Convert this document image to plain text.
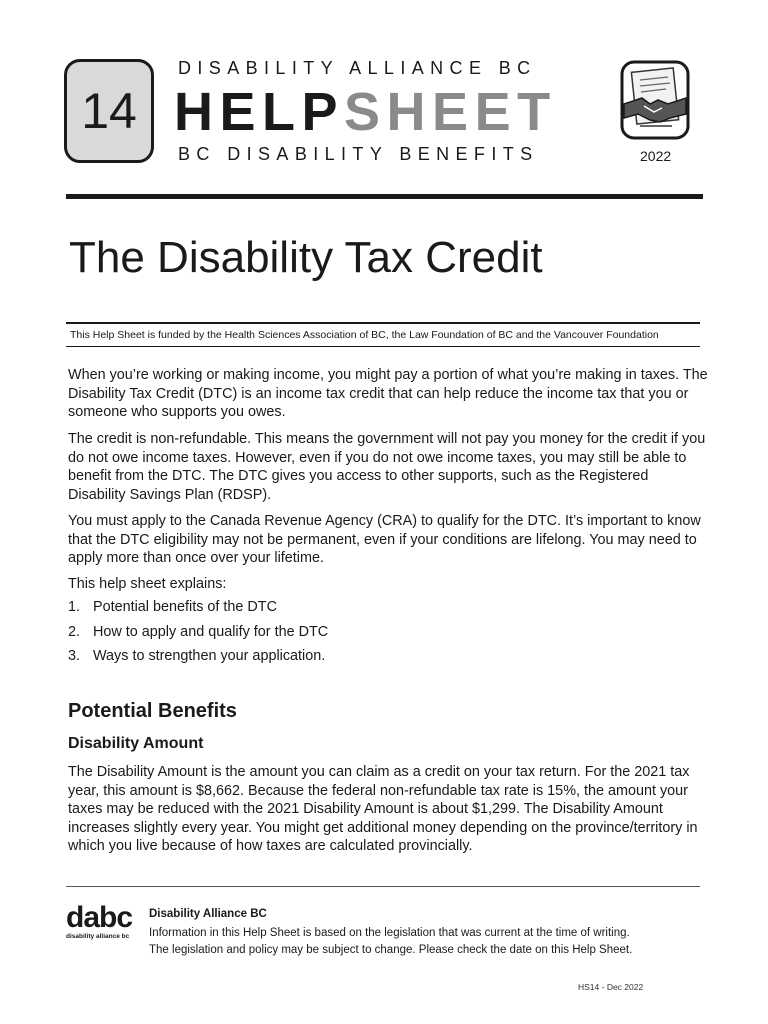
14
DISABILITY ALLIANCE BC
HELPSHEET
BC DISABILITY BENEFITS	2022
The Disability Tax Credit
This Help Sheet is funded by the Health Sciences Association of BC, the Law Foundation of BC and the Vancouver Foundation

When you’re working or making income, you might pay a portion of what you’re making in taxes. The Disability Tax Credit (DTC) is an income tax credit that can help reduce the income tax that you or someone who supports you owes.

The credit is non-refundable. This means the government will not pay you money for the credit if you do not owe income taxes. However, even if you do not owe income taxes, you may still be able to benefit from the DTC. The DTC gives you access to other supports, such as the Registered Disability Savings Plan (RDSP).

You must apply to the Canada Revenue Agency (CRA) to qualify for the DTC. It’s important to know that the DTC eligibility may not be permanent, even if your conditions are lifelong. You may need to apply more than once over your lifetime.

This help sheet explains:

1. Potential benefits of the DTC
2. How to apply and qualify for the DTC
3. Ways to strengthen your application.
Potential Benefits
Disability Amount

The Disability Amount is the amount you can claim as a credit on your tax return. For the 2021 tax year, this amount is $8,662. Because the federal non-refundable tax rate is 15%, the amount your taxes may be reduced with the 2021 Disability Amount is about $1,299. The Disability Amount increases slightly every year. You might get additional money depending on the province/territory in which you live because of how taxes are calculated provincially.

dabc
disability alliance bc
Disability Alliance BC
Information in this Help Sheet is based on the legislation that was current at the time of writing.
The legislation and policy may be subject to change. Please check the date on this Help Sheet.
HS14 - Dec 2022
